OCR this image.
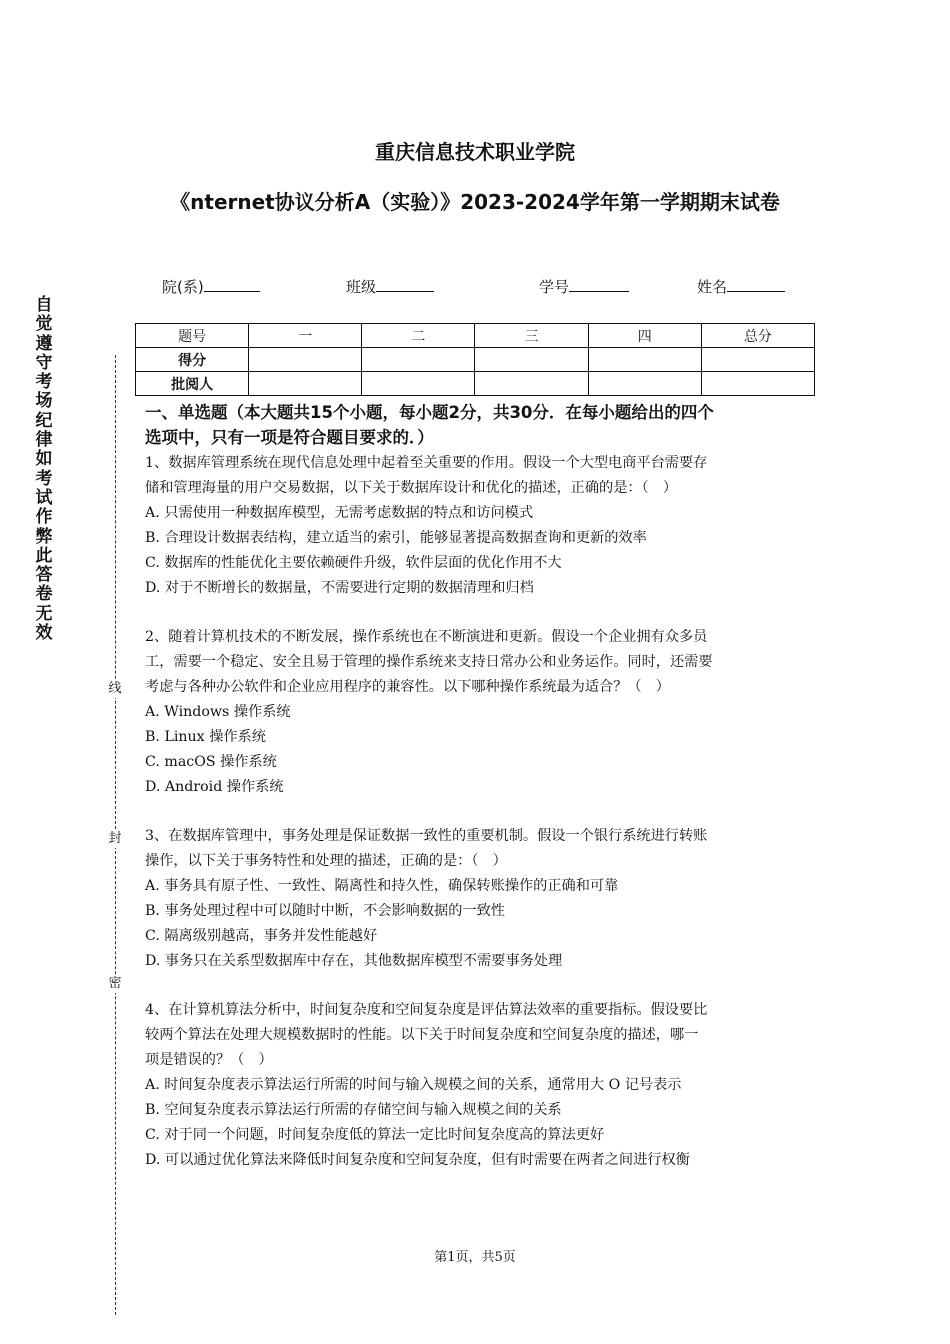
重庆信息技术职业学院
《nternet协议分析A（实验）》2023-2024学年第一学期期末试卷
院(系)	班级	学号	姓名
题号	一	二	三	四	总分
得分					
批阅人					
一、单选题（本大题共15个小题，每小题2分，共30分．在每小题给出的四个
选项中，只有一项是符合题目要求的．）
1、数据库管理系统在现代信息处理中起着至关重要的作用。假设一个大型电商平台需要存
储和管理海量的用户交易数据，以下关于数据库设计和优化的描述，正确的是：（　）
A. 只需使用一种数据库模型，无需考虑数据的特点和访问模式
B. 合理设计数据表结构，建立适当的索引，能够显著提高数据查询和更新的效率
C. 数据库的性能优化主要依赖硬件升级，软件层面的优化作用不大
D. 对于不断增长的数据量，不需要进行定期的数据清理和归档
2、随着计算机技术的不断发展，操作系统也在不断演进和更新。假设一个企业拥有众多员
工，需要一个稳定、安全且易于管理的操作系统来支持日常办公和业务运作。同时，还需要
考虑与各种办公软件和企业应用程序的兼容性。以下哪种操作系统最为适合？（　）
A. Windows 操作系统
B. Linux 操作系统
C. macOS 操作系统
D. Android 操作系统
3、在数据库管理中，事务处理是保证数据一致性的重要机制。假设一个银行系统进行转账
操作，以下关于事务特性和处理的描述，正确的是：（　）
A. 事务具有原子性、一致性、隔离性和持久性，确保转账操作的正确和可靠
B. 事务处理过程中可以随时中断，不会影响数据的一致性
C. 隔离级别越高，事务并发性能越好
D. 事务只在关系型数据库中存在，其他数据库模型不需要事务处理
4、在计算机算法分析中，时间复杂度和空间复杂度是评估算法效率的重要指标。假设要比
较两个算法在处理大规模数据时的性能。以下关于时间复杂度和空间复杂度的描述，哪一
项是错误的？（　）
A. 时间复杂度表示算法运行所需的时间与输入规模之间的关系，通常用大 O 记号表示
B. 空间复杂度表示算法运行所需的存储空间与输入规模之间的关系
C. 对于同一个问题，时间复杂度低的算法一定比时间复杂度高的算法更好
D. 可以通过优化算法来降低时间复杂度和空间复杂度，但有时需要在两者之间进行权衡
自
觉
遵
守
考
场
纪
律
如
考
试
作
弊
此
答
卷
无
效
线
封
密
第1页，共5页
